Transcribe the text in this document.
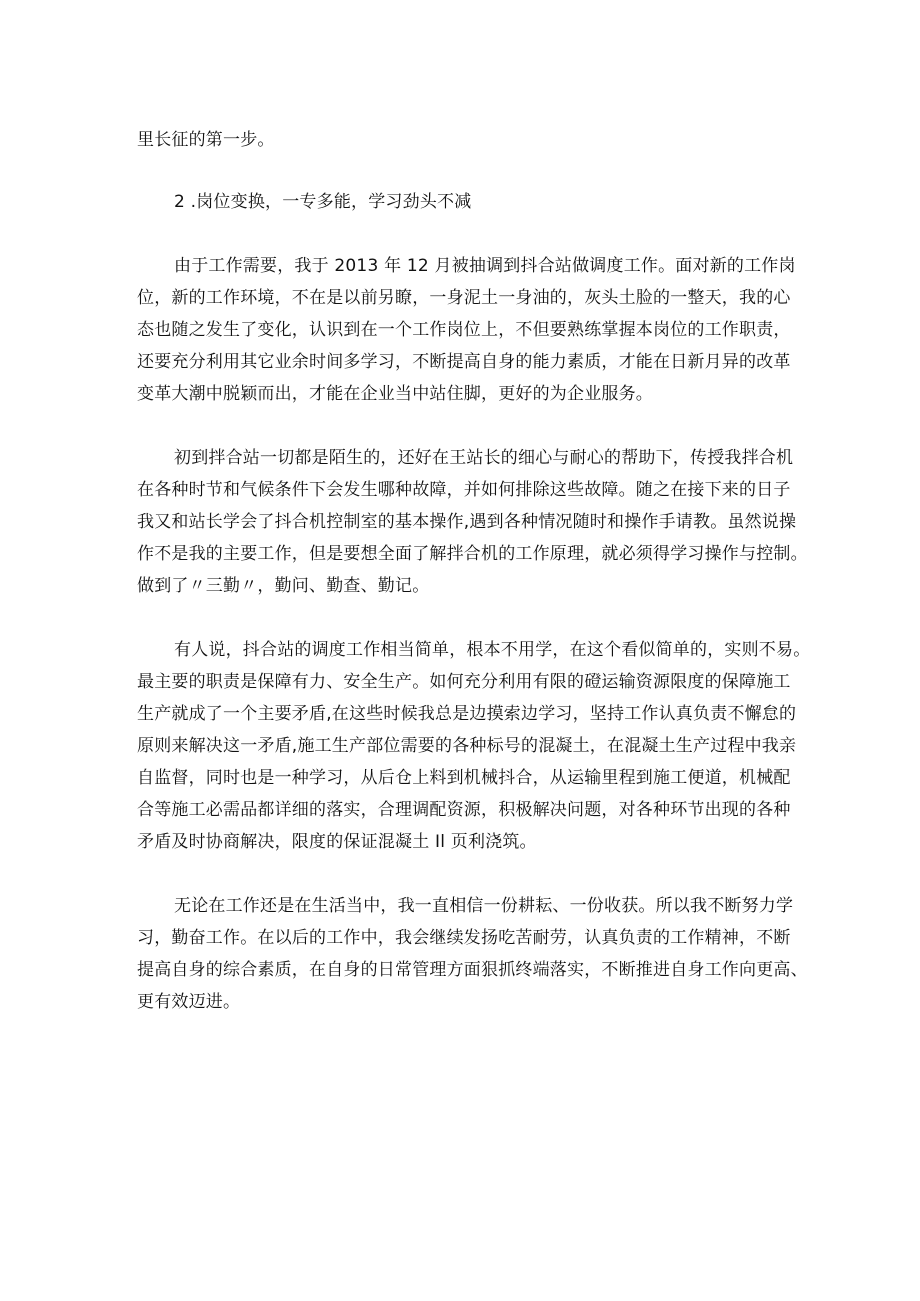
里长征的第一步。
2 .岗位变换，一专多能，学习劲头不减
由于工作需要，我于 2013 年 12 月被抽调到抖合站做调度工作。面对新的工作岗
位，新的工作环境，不在是以前另瞭，一身泥土一身油的，灰头土脸的一整天，我的心
态也随之发生了变化，认识到在一个工作岗位上，不但要熟练掌握本岗位的工作职责，
还要充分利用其它业余时间多学习，不断提高自身的能力素质，才能在日新月异的改革
变革大潮中脱颖而出，才能在企业当中站住脚，更好的为企业服务。
初到拌合站一切都是陌生的，还好在王站长的细心与耐心的帮助下，传授我拌合机
在各种时节和气候条件下会发生哪种故障，并如何排除这些故障。随之在接下来的日子
我又和站长学会了抖合机控制室的基本操作,遇到各种情况随时和操作手请教。虽然说操
作不是我的主要工作，但是要想全面了解拌合机的工作原理，就必须得学习操作与控制。
做到了〃三勤〃，勤问、勤查、勤记。
有人说，抖合站的调度工作相当简单，根本不用学，在这个看似简单的，实则不易。
最主要的职责是保障有力、安全生产。如何充分利用有限的磴运输资源限度的保障施工
生产就成了一个主要矛盾,在这些时候我总是边摸索边学习，坚持工作认真负责不懈怠的
原则来解决这一矛盾,施工生产部位需要的各种标号的混凝土，在混凝土生产过程中我亲
自监督，同时也是一种学习，从后仓上料到机械抖合，从运输里程到施工便道，机械配
合等施工必需品都详细的落实，合理调配资源，积极解决问题，对各种环节出现的各种
矛盾及时协商解决，限度的保证混凝土 Il 页利浇筑。
无论在工作还是在生活当中，我一直相信一份耕耘、一份收获。所以我不断努力学
习，勤奋工作。在以后的工作中，我会继续发扬吃苦耐劳，认真负责的工作精神，不断
提高自身的综合素质，在自身的日常管理方面狠抓终端落实，不断推进自身工作向更高、
更有效迈进。
